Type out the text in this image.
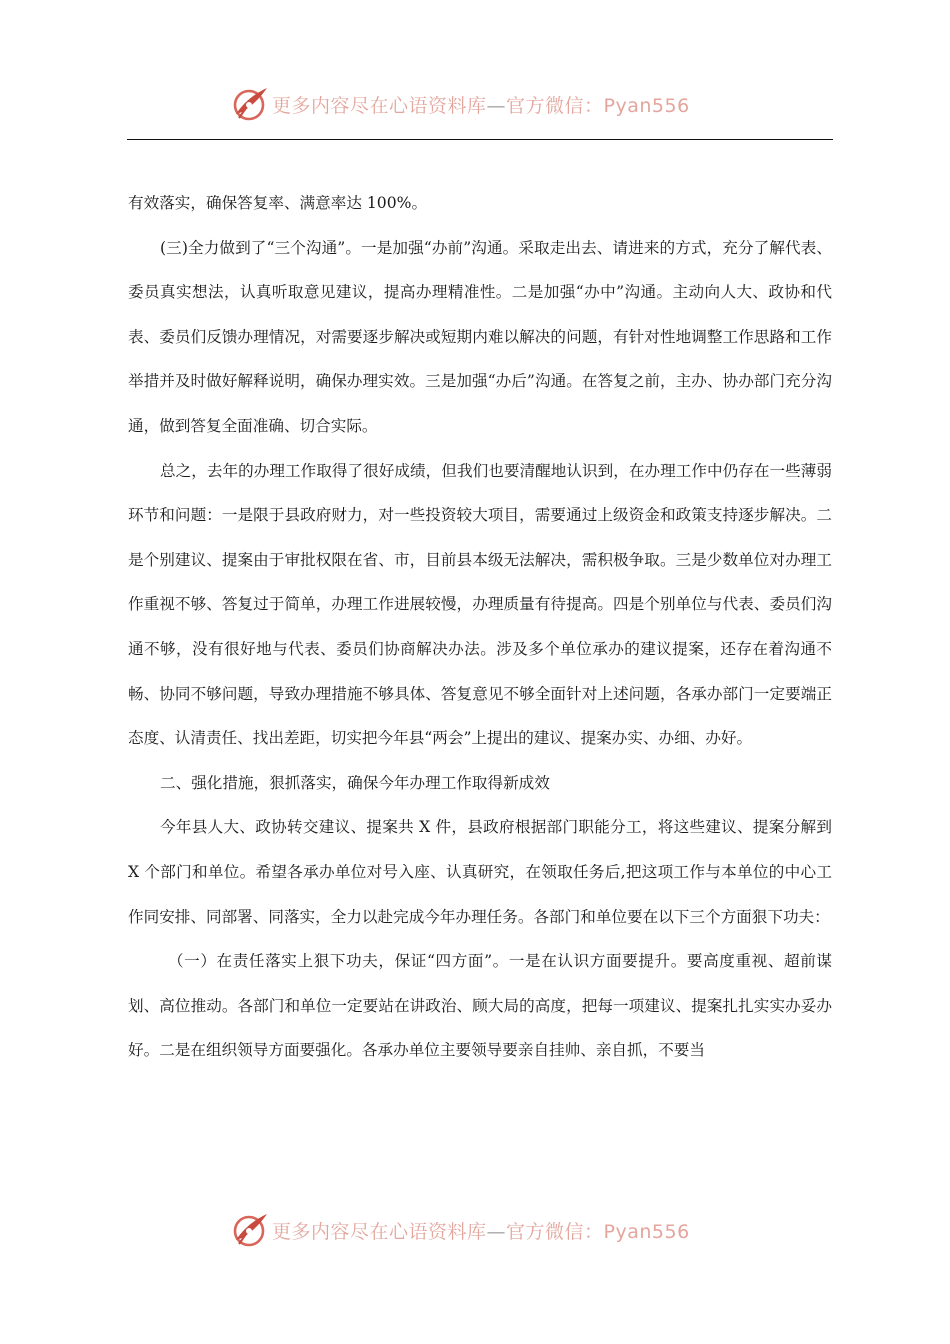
更多内容尽在心语资料库—官方微信：Pyan556

有效落实，确保答复率、满意率达 100%。

(三)全力做到了“三个沟通”。一是加强“办前”沟通。采取走出去、请进来的方式，充分了解代表、委员真实想法，认真听取意见建议，提高办理精准性。二是加强“办中”沟通。主动向人大、政协和代表、委员们反馈办理情况，对需要逐步解决或短期内难以解决的问题，有针对性地调整工作思路和工作举措并及时做好解释说明，确保办理实效。三是加强“办后”沟通。在答复之前，主办、协办部门充分沟通，做到答复全面准确、切合实际。

总之，去年的办理工作取得了很好成绩，但我们也要清醒地认识到，在办理工作中仍存在一些薄弱环节和问题：一是限于县政府财力，对一些投资较大项目，需要通过上级资金和政策支持逐步解决。二是个别建议、提案由于审批权限在省、市，目前县本级无法解决，需积极争取。三是少数单位对办理工作重视不够、答复过于简单，办理工作进展较慢，办理质量有待提高。四是个别单位与代表、委员们沟通不够，没有很好地与代表、委员们协商解决办法。涉及多个单位承办的建议提案，还存在着沟通不畅、协同不够问题，导致办理措施不够具体、答复意见不够全面针对上述问题，各承办部门一定要端正态度、认清责任、找出差距，切实把今年县“两会”上提出的建议、提案办实、办细、办好。

二、强化措施，狠抓落实，确保今年办理工作取得新成效

今年县人大、政协转交建议、提案共 X 件，县政府根据部门职能分工，将这些建议、提案分解到 X 个部门和单位。希望各承办单位对号入座、认真研究，在领取任务后,把这项工作与本单位的中心工作同安排、同部署、同落实，全力以赴完成今年办理任务。各部门和单位要在以下三个方面狠下功夫：

（一）在责任落实上狠下功夫，保证“四方面”。一是在认识方面要提升。要高度重视、超前谋划、高位推动。各部门和单位一定要站在讲政治、顾大局的高度，把每一项建议、提案扎扎实实办妥办好。二是在组织领导方面要强化。各承办单位主要领导要亲自挂帅、亲自抓，不要当

更多内容尽在心语资料库—官方微信：Pyan556
